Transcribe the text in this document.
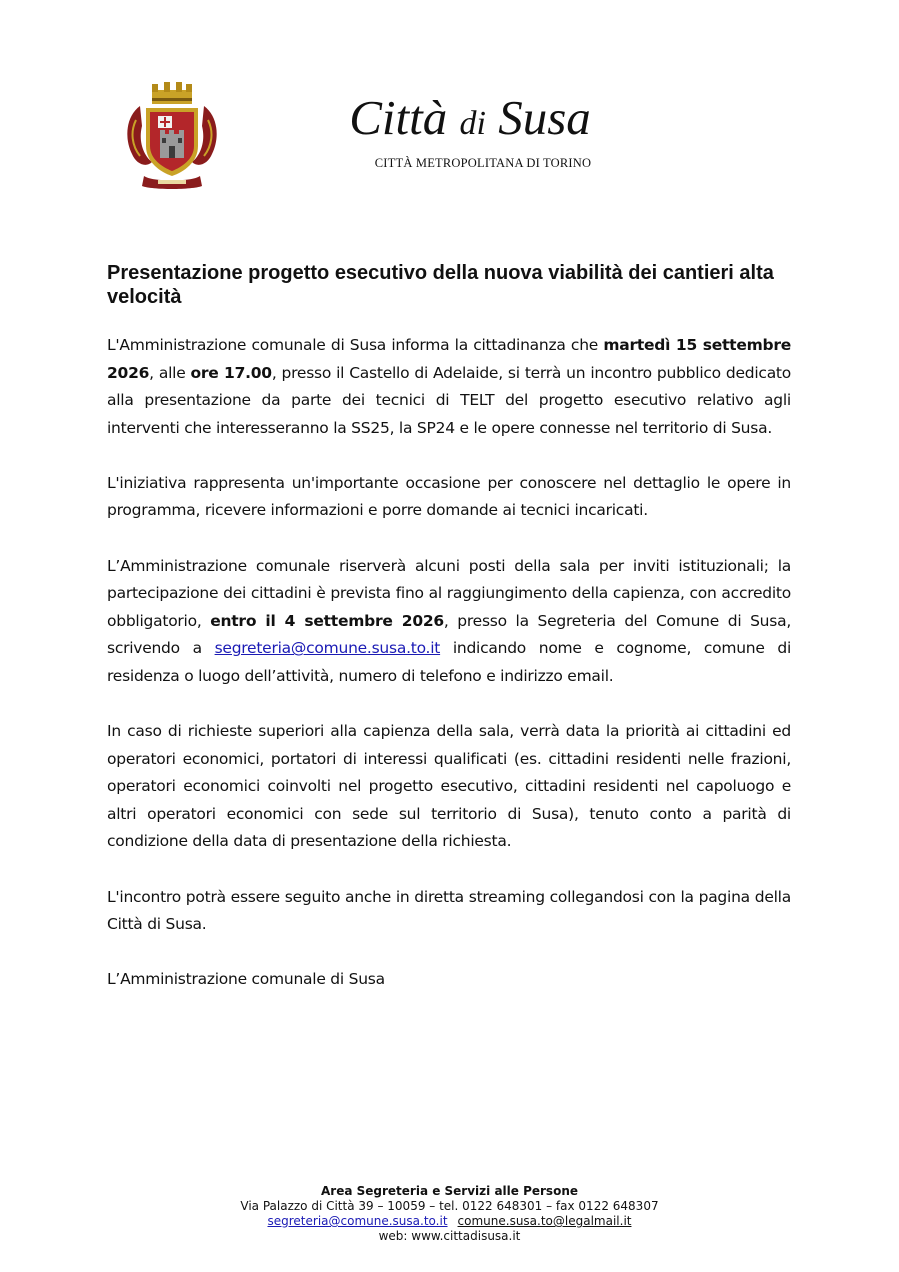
Città di Susa
CITTÀ METROPOLITANA DI TORINO
Presentazione progetto esecutivo della nuova viabilità dei cantieri alta velocità

L'Amministrazione comunale di Susa informa la cittadinanza che martedì 15 settembre 2026, alle ore 17.00, presso il Castello di Adelaide, si terrà un incontro pubblico dedicato alla presentazione da parte dei tecnici di TELT del progetto esecutivo relativo agli interventi che interesseranno la SS25, la SP24 e le opere connesse nel territorio di Susa.

L'iniziativa rappresenta un'importante occasione per conoscere nel dettaglio le opere in programma, ricevere informazioni e porre domande ai tecnici incaricati.

L’Amministrazione comunale riserverà alcuni posti della sala per inviti istituzionali; la partecipazione dei cittadini è prevista fino al raggiungimento della capienza, con accredito obbligatorio, entro il 4 settembre 2026, presso la Segreteria del Comune di Susa, scrivendo a segreteria@comune.susa.to.it indicando nome e cognome, comune di residenza o luogo dell’attività, numero di telefono e indirizzo email.

In caso di richieste superiori alla capienza della sala, verrà data la priorità ai cittadini ed operatori economici, portatori di interessi qualificati (es. cittadini residenti nelle frazioni, operatori economici coinvolti nel progetto esecutivo, cittadini residenti nel capoluogo e altri operatori economici con sede sul territorio di Susa), tenuto conto a parità di condizione della data di presentazione della richiesta.

L'incontro potrà essere seguito anche in diretta streaming collegandosi con la pagina della Città di Susa.

L’Amministrazione comunale di Susa

Area Segreteria e Servizi alle Persone
Via Palazzo di Città 39 – 10059 – tel. 0122 648301 – fax 0122 648307
segreteria@comune.susa.to.it comune.susa.to@legalmail.it
web: www.cittadisusa.it
